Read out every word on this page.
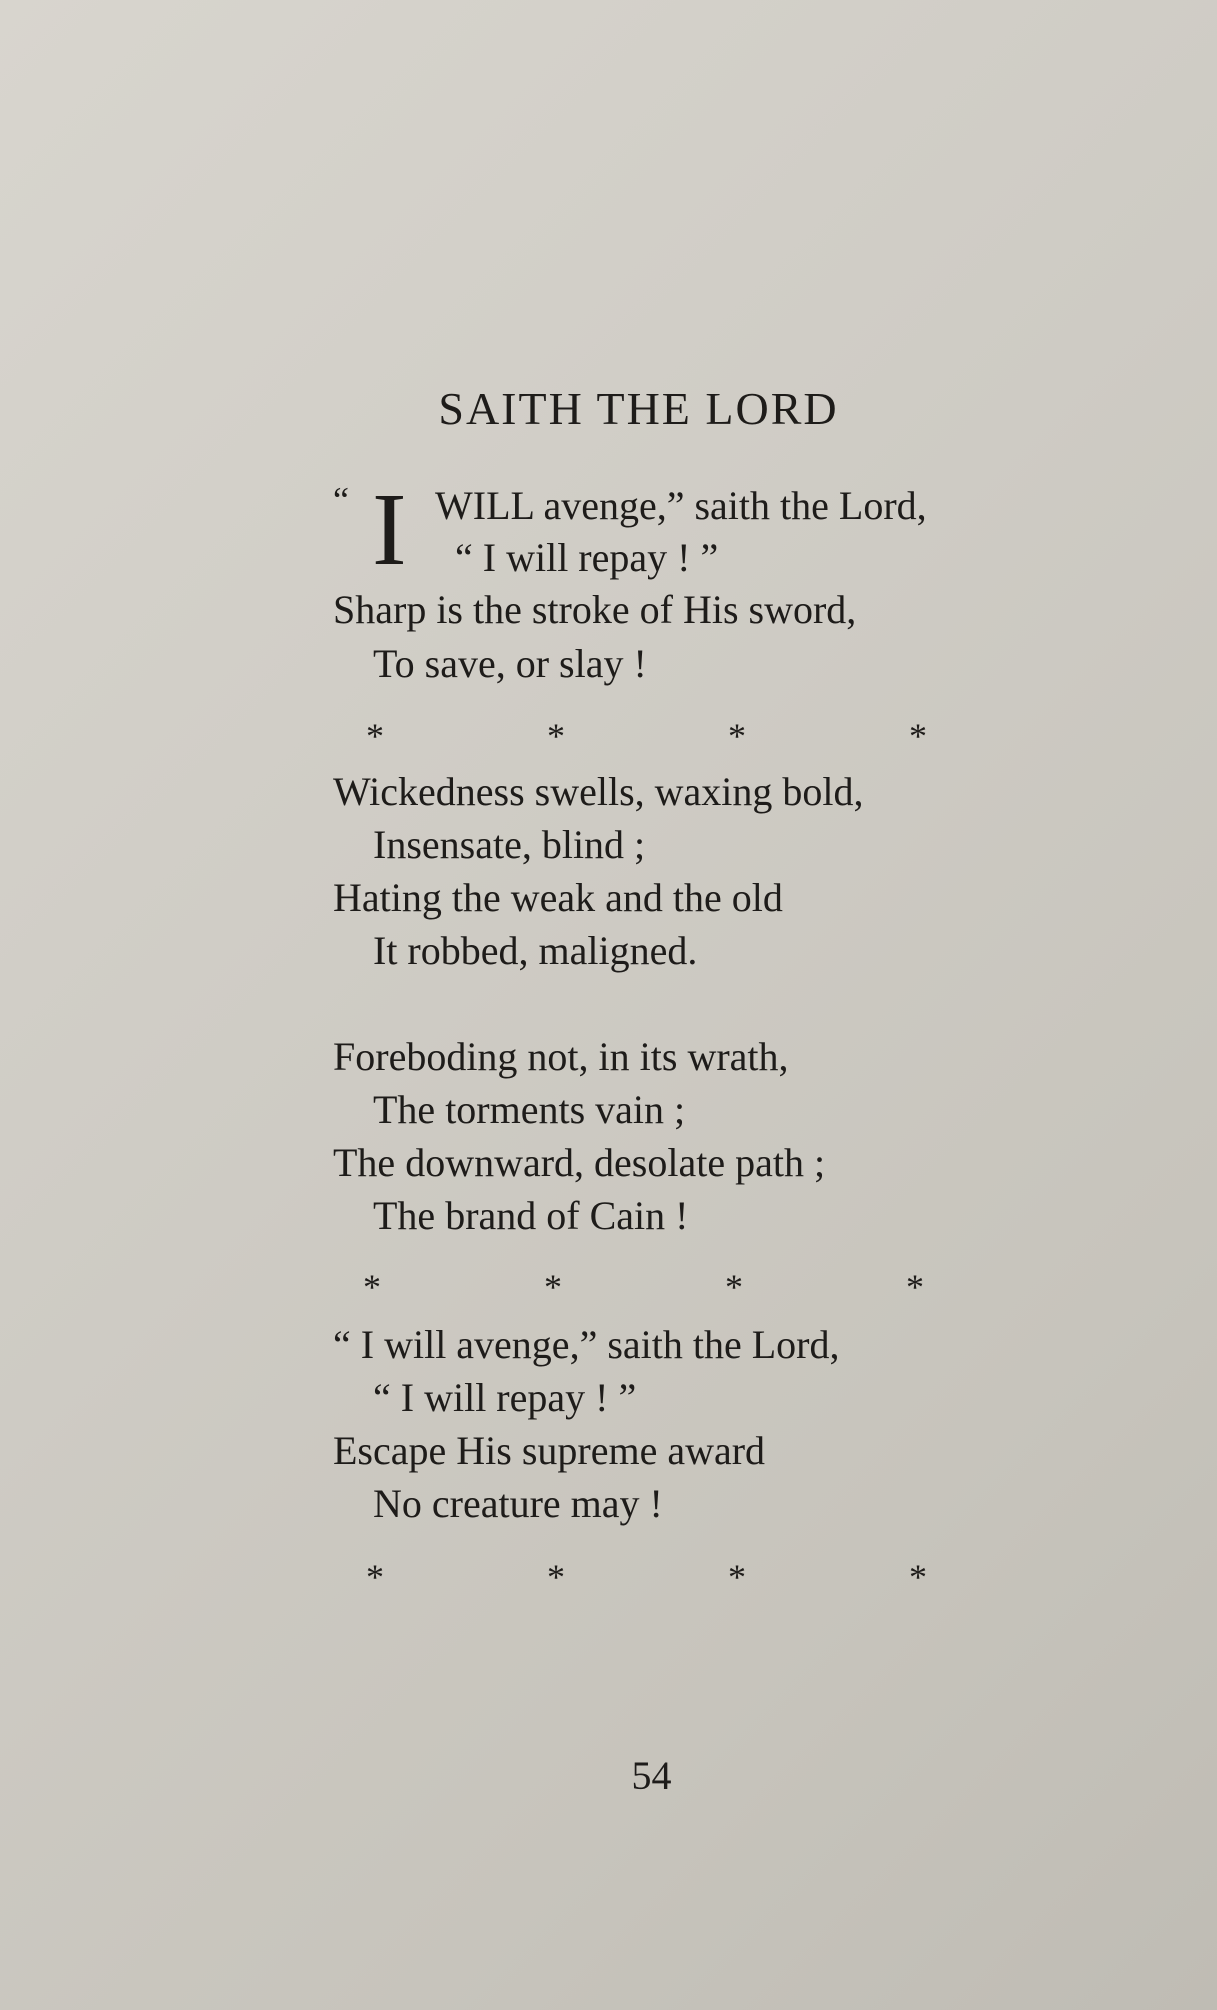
SAITH THE LORD
“ I WILL avenge,” saith the Lord,
“ I will repay ! ”
Sharp is the stroke of His sword,
To save, or slay !
*	*	*	*
Wickedness swells, waxing bold,
Insensate, blind ;
Hating the weak and the old
It robbed, maligned.
Foreboding not, in its wrath,
The torments vain ;
The downward, desolate path ;
The brand of Cain !
*	*	*	*
“ I will avenge,” saith the Lord,
“ I will repay ! ”
Escape His supreme award
No creature may !
*	*	*	*
54
